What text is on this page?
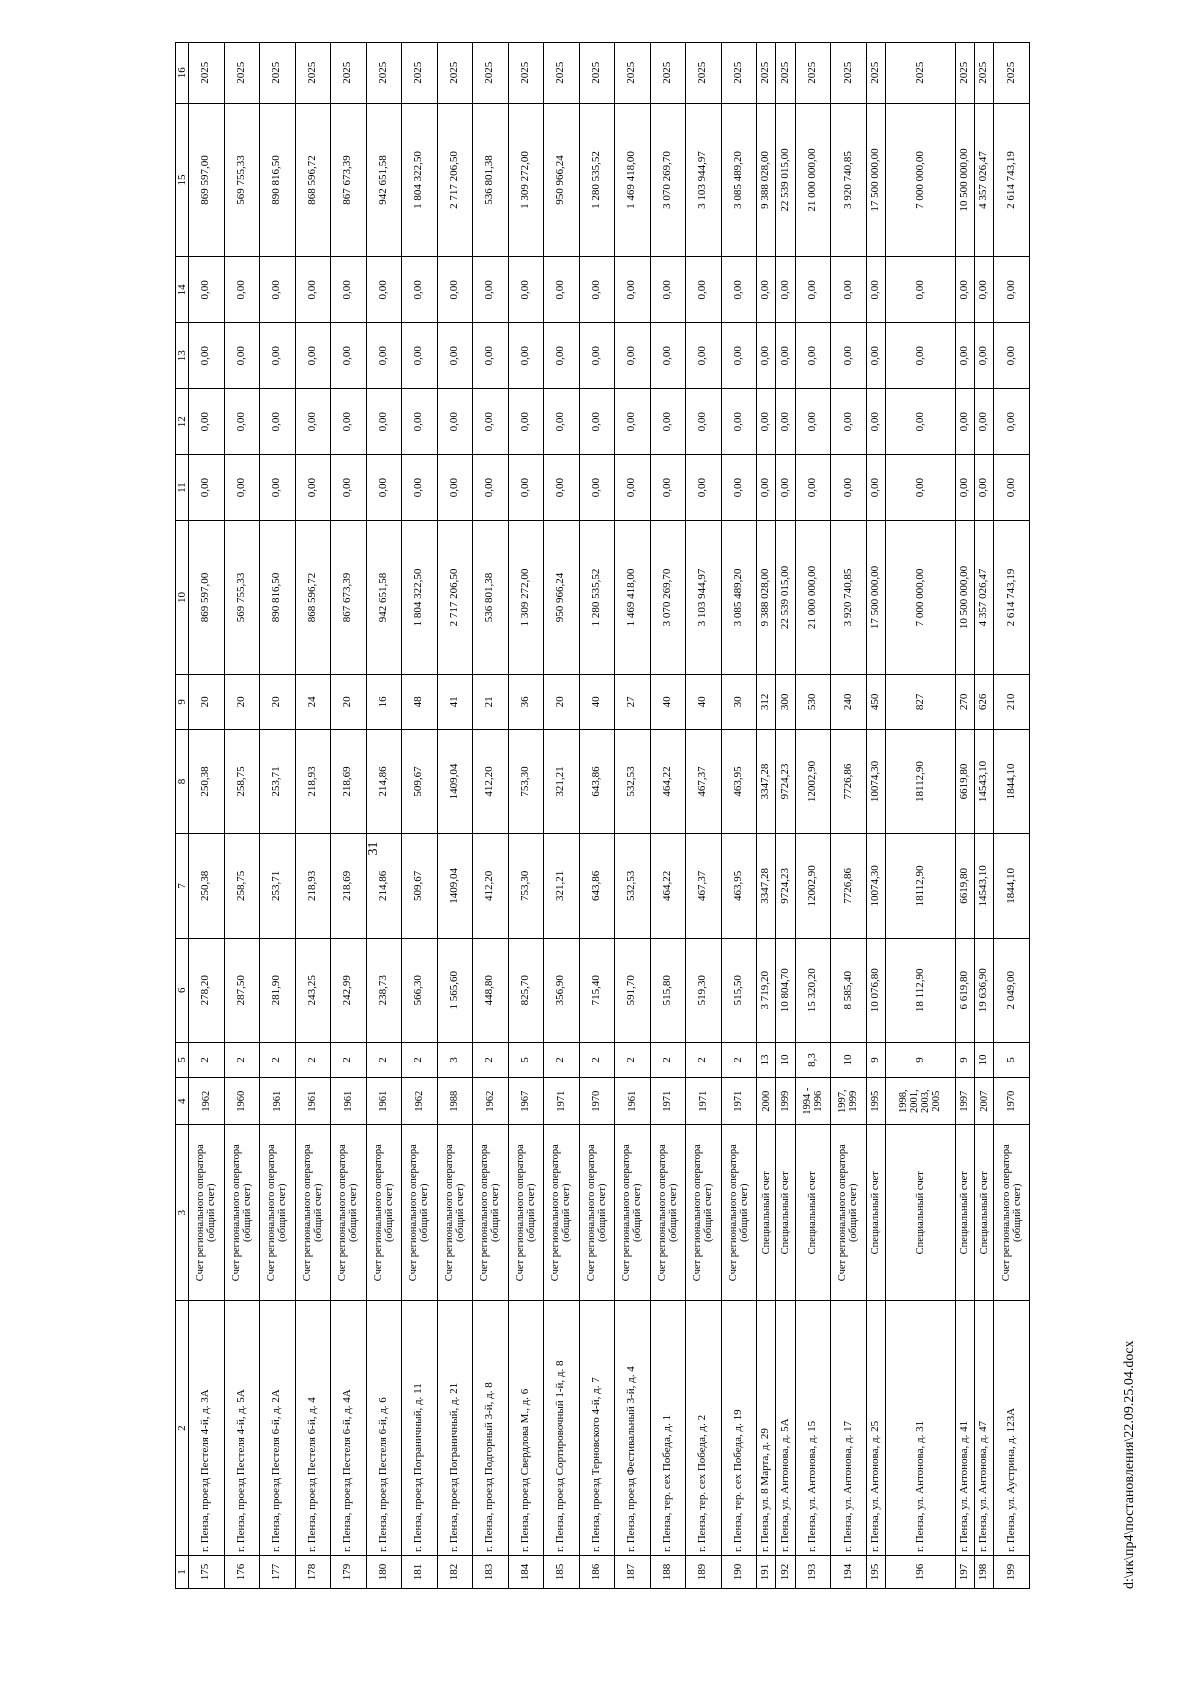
31
1	2	3	4	5	6	7	8	9	10	11	12	13	14	15	16
175	г. Пенза, проезд Пестеля 4-й, д. 3А	Счет регионального оператора (общий счет)	1962	2	278,20	250,38	250,38	20	869 597,00	0,00	0,00	0,00	0,00	869 597,00	2025
176	г. Пенза, проезд Пестеля 4-й, д. 5А	Счет регионального оператора (общий счет)	1960	2	287,50	258,75	258,75	20	569 755,33	0,00	0,00	0,00	0,00	569 755,33	2025
177	г. Пенза, проезд Пестеля 6-й, д. 2А	Счет регионального оператора (общий счет)	1961	2	281,90	253,71	253,71	20	890 816,50	0,00	0,00	0,00	0,00	890 816,50	2025
178	г. Пенза, проезд Пестеля 6-й, д. 4	Счет регионального оператора (общий счет)	1961	2	243,25	218,93	218,93	24	868 596,72	0,00	0,00	0,00	0,00	868 596,72	2025
179	г. Пенза, проезд Пестеля 6-й, д. 4А	Счет регионального оператора (общий счет)	1961	2	242,99	218,69	218,69	20	867 673,39	0,00	0,00	0,00	0,00	867 673,39	2025
180	г. Пенза, проезд Пестеля 6-й, д. 6	Счет регионального оператора (общий счет)	1961	2	238,73	214,86	214,86	16	942 651,58	0,00	0,00	0,00	0,00	942 651,58	2025
181	г. Пенза, проезд Пограничный, д. 11	Счет регионального оператора (общий счет)	1962	2	566,30	509,67	509,67	48	1 804 322,50	0,00	0,00	0,00	0,00	1 804 322,50	2025
182	г. Пенза, проезд Пограничный, д. 21	Счет регионального оператора (общий счет)	1988	3	1 565,60	1409,04	1409,04	41	2 717 206,50	0,00	0,00	0,00	0,00	2 717 206,50	2025
183	г. Пенза, проезд Подгорный 3-й, д. 8	Счет регионального оператора (общий счет)	1962	2	448,80	412,20	412,20	21	536 801,38	0,00	0,00	0,00	0,00	536 801,38	2025
184	г. Пенза, проезд Свердлова М., д. 6	Счет регионального оператора (общий счет)	1967	5	825,70	753,30	753,30	36	1 309 272,00	0,00	0,00	0,00	0,00	1 309 272,00	2025
185	г. Пенза, проезд Сортировочный 1-й, д. 8	Счет регионального оператора (общий счет)	1971	2	356,90	321,21	321,21	20	950 966,24	0,00	0,00	0,00	0,00	950 966,24	2025
186	г. Пенза, проезд Терновского 4-й, д. 7	Счет регионального оператора (общий счет)	1970	2	715,40	643,86	643,86	40	1 280 535,52	0,00	0,00	0,00	0,00	1 280 535,52	2025
187	г. Пенза, проезд Фестивальный 3-й, д. 4	Счет регионального оператора (общий счет)	1961	2	591,70	532,53	532,53	27	1 469 418,00	0,00	0,00	0,00	0,00	1 469 418,00	2025
188	г. Пенза, тер. сех Победа, д. 1	Счет регионального оператора (общий счет)	1971	2	515,80	464,22	464,22	40	3 070 269,70	0,00	0,00	0,00	0,00	3 070 269,70	2025
189	г. Пенза, тер. сех Победа, д. 2	Счет регионального оператора (общий счет)	1971	2	519,30	467,37	467,37	40	3 103 944,97	0,00	0,00	0,00	0,00	3 103 944,97	2025
190	г. Пенза, тер. сех Победа, д. 19	Счет регионального оператора (общий счет)	1971	2	515,50	463,95	463,95	30	3 085 489,20	0,00	0,00	0,00	0,00	3 085 489,20	2025
191	г. Пенза, ул. 8 Марта, д. 29	Специальный счет	2000	13	3 719,20	3347,28	3347,28	312	9 388 028,00	0,00	0,00	0,00	0,00	9 388 028,00	2025
192	г. Пенза, ул. Антонова, д. 5А	Специальный счет	1999	10	10 804,70	9724,23	9724,23	300	22 539 015,00	0,00	0,00	0,00	0,00	22 539 015,00	2025
193	г. Пенза, ул. Антонова, д. 15	Специальный счет	1994 - 1996	8,3	15 320,20	12002,90	12002,90	530	21 000 000,00	0,00	0,00	0,00	0,00	21 000 000,00	2025
194	г. Пенза, ул. Антонова, д. 17	Счет регионального оператора (общий счет)	1997, 1999	10	8 585,40	7726,86	7726,86	240	3 920 740,85	0,00	0,00	0,00	0,00	3 920 740,85	2025
195	г. Пенза, ул. Антонова, д. 25	Специальный счет	1995	9	10 076,80	10074,30	10074,30	450	17 500 000,00	0,00	0,00	0,00	0,00	17 500 000,00	2025
196	г. Пенза, ул. Антонова, д. 31	Специальный счет	1998, 2001, 2003, 2005	9	18 112,90	18112,90	18112,90	827	7 000 000,00	0,00	0,00	0,00	0,00	7 000 000,00	2025
197	г. Пенза, ул. Антонова, д. 41	Специальный счет	1997	9	6 619,80	6619,80	6619,80	270	10 500 000,00	0,00	0,00	0,00	0,00	10 500 000,00	2025
198	г. Пенза, ул. Антонова, д. 47	Специальный счет	2007	10	19 636,90	14543,10	14543,10	626	4 357 026,47	0,00	0,00	0,00	0,00	4 357 026,47	2025
199	г. Пенза, ул. Аустрина, д. 123А	Счет регионального оператора (общий счет)	1970	5	2 049,00	1844,10	1844,10	210	2 614 743,19	0,00	0,00	0,00	0,00	2 614 743,19	2025
d:\ик\пр4\постановления\22.09.25.04.docx
